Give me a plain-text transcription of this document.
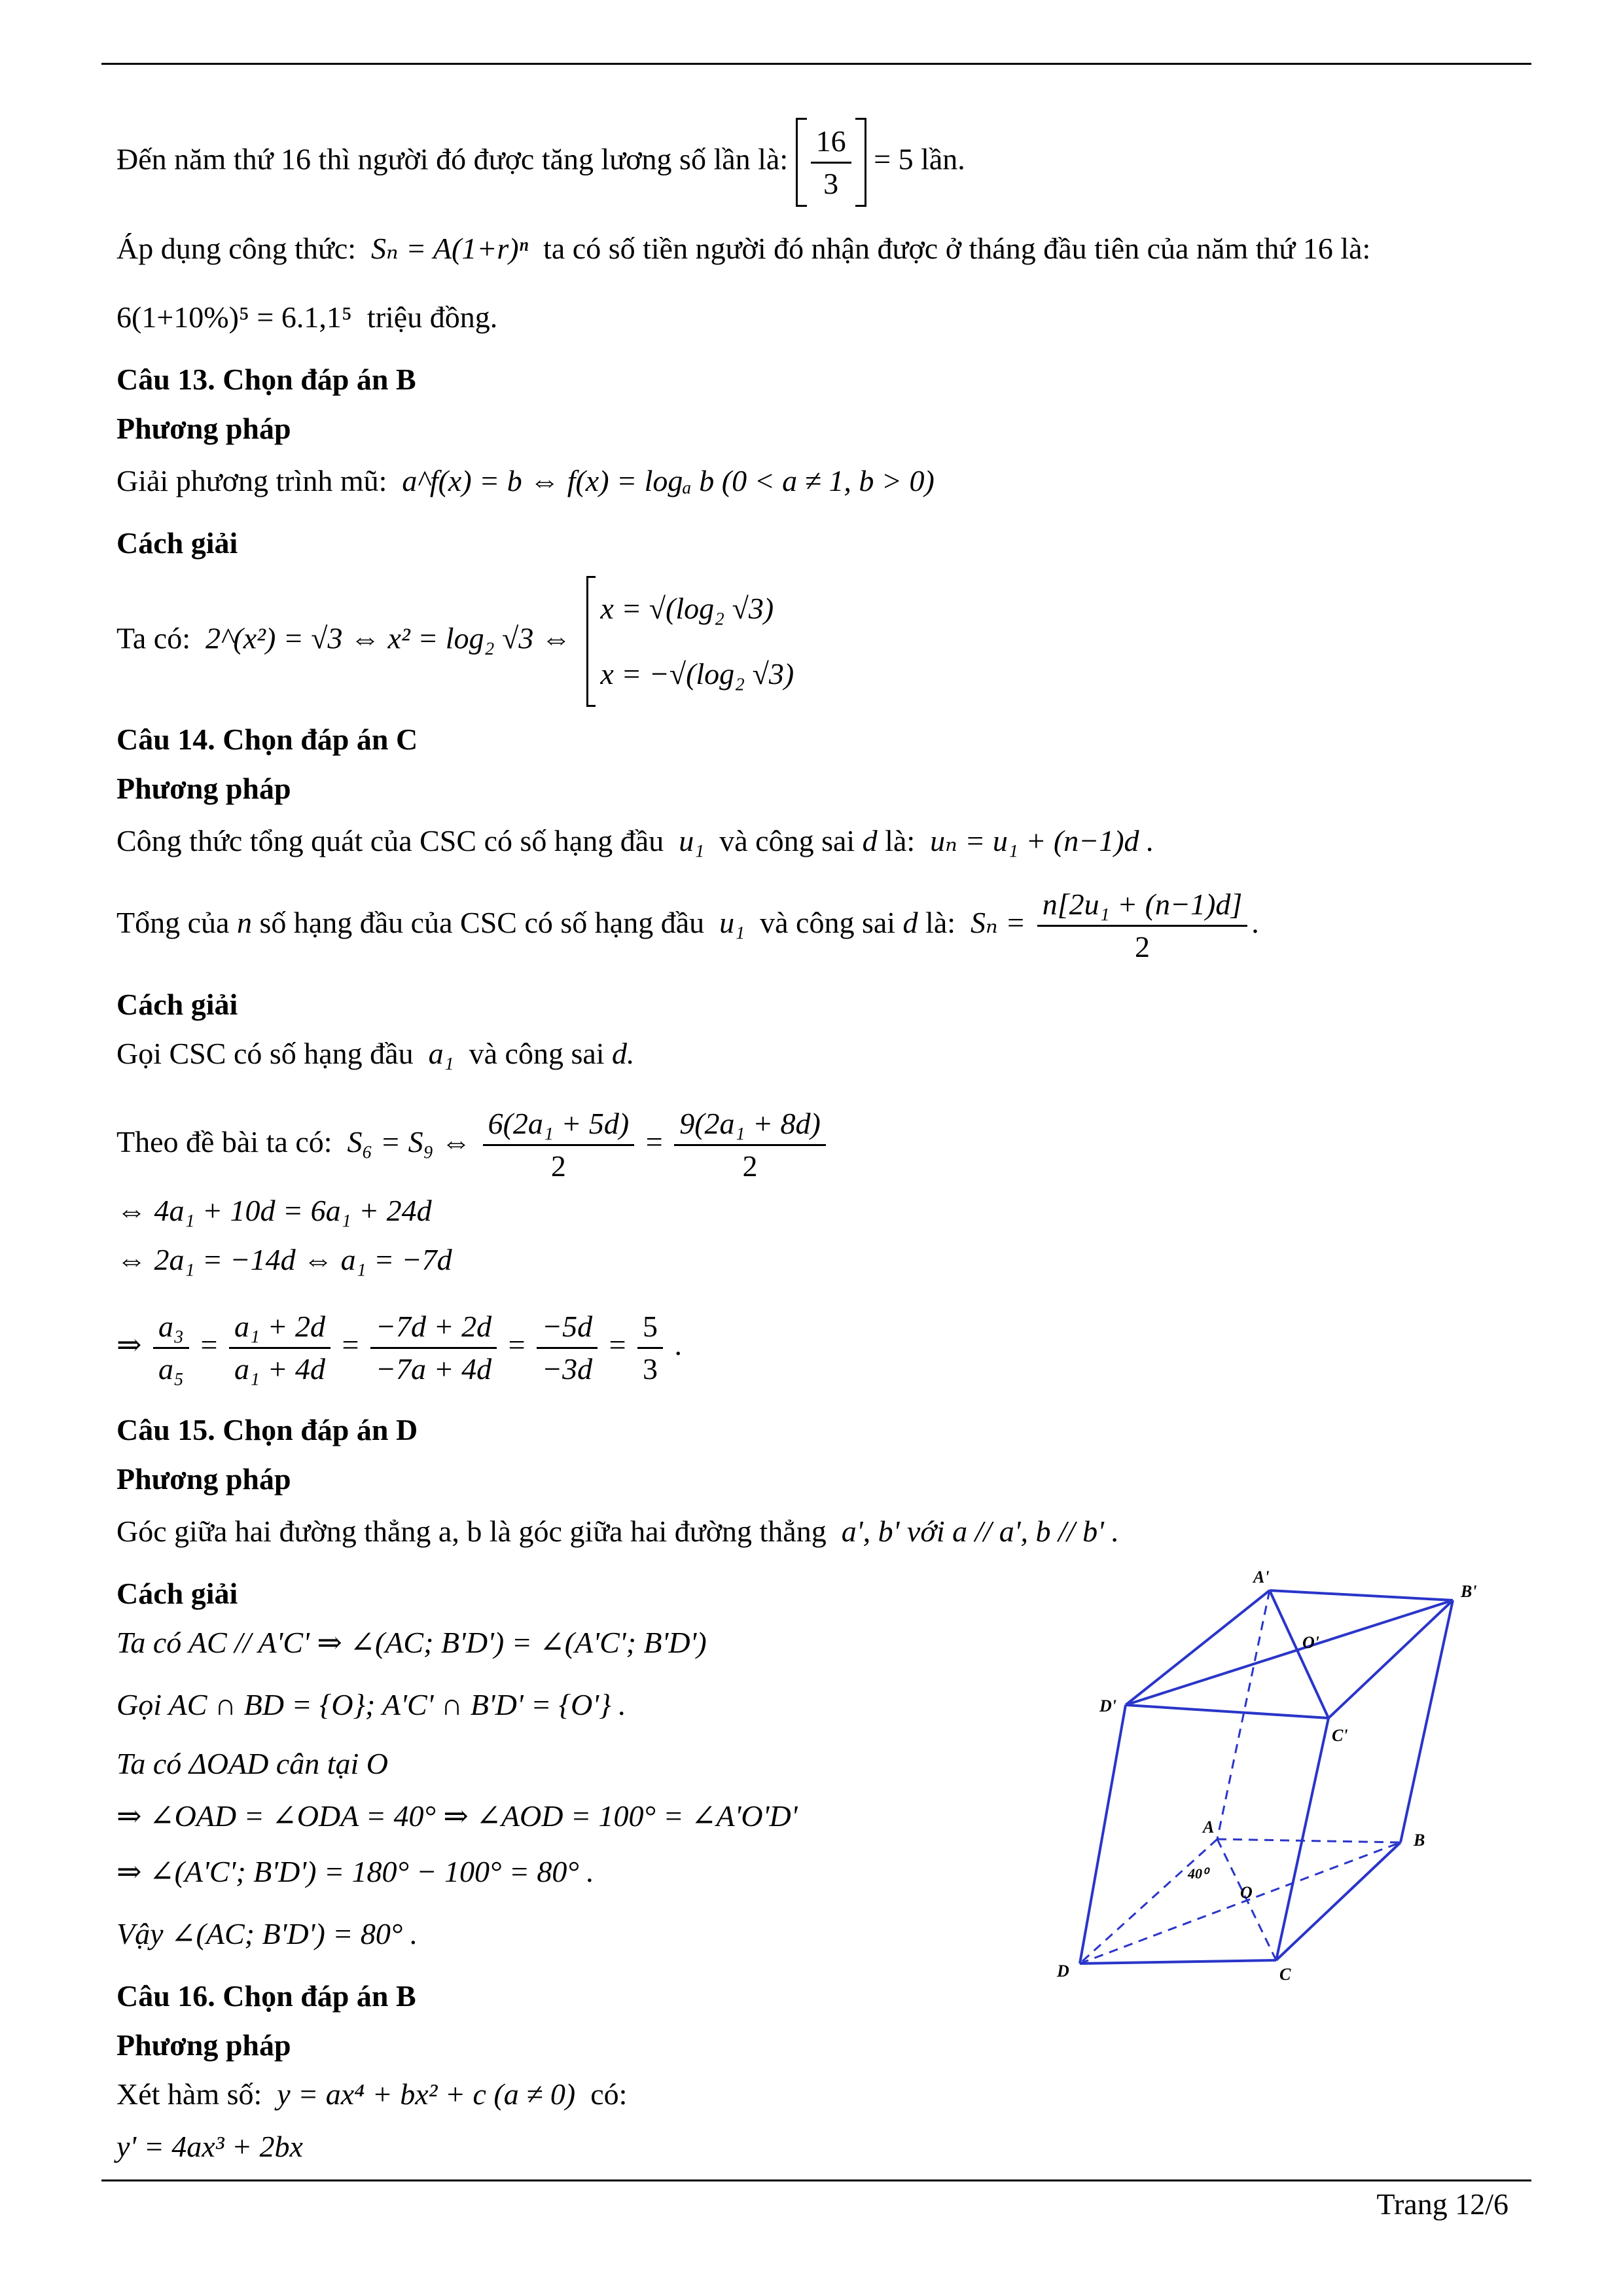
Đến năm thứ 16 thì người đó được tăng lương số lần là: $\frac{16}{3} = 5$ lần.
Áp dụng công thức: Sₙ = A(1+r)ⁿ ta có số tiền người đó nhận được ở tháng đầu tiên của năm thứ 16 là:
6(1+10%)⁵ = 6.1,1⁵ triệu đồng.
Câu 13. Chọn đáp án B
Phương pháp
Giải phương trình mũ: a^f(x) = b ⇔ f(x) = logₐ b (0 < a ≠ 1, b > 0)
Cách giải
Ta có: 2^(x²) = √3 ⇔ x² = log₂ √3 ⇔
x = √(log₂ √3)
x = −√(log₂ √3)
Câu 14. Chọn đáp án C
Phương pháp
Công thức tổng quát của CSC có số hạng đầu u₁ và công sai d là: uₙ = u₁ + (n−1)d .
Tổng của n số hạng đầu của CSC có số hạng đầu u₁ và công sai d là: $S_n = \frac{\text{n[2u₁ + (n−1)d]}}{2}$ .
Cách giải
Gọi CSC có số hạng đầu a₁ và công sai d.
Theo đề bài ta có: S₆ = S₉ ⇔ $\frac{\text{6(2a₁ + 5d)}}{2} = \frac{\text{9(2a₁ + 8d)}}{2}$
⇔ 4a₁ + 10d = 6a₁ + 24d
⇔ 2a₁ = −14d ⇔ a₁ = −7d
⇒ $\frac{\text{a₃}}{\text{a₅}} = \frac{\text{a₁ + 2d}}{\text{a₁ + 4d}} = \frac{-7d + 2d}{-7a + 4d} = \frac{-5d}{-3d} = \frac{5}{3}$ .
Câu 15. Chọn đáp án D
Phương pháp
Góc giữa hai đường thẳng a, b là góc giữa hai đường thẳng a', b' với a // a', b // b' .
Cách giải
Ta có AC // A'C' ⇒ ∠(AC; B'D') = ∠(A'C'; B'D')
Gọi AC ∩ BD = {O}; A'C' ∩ B'D' = {O'} .
Ta có ΔOAD cân tại O
⇒ ∠OAD = ∠ODA = 40° ⇒ ∠AOD = 100° = ∠A'O'D'
⇒ ∠(A'C'; B'D') = 180° − 100° = 80° .
Vậy ∠(AC; B'D') = 80° .
Câu 16. Chọn đáp án B
Phương pháp
Xét hàm số: y = ax⁴ + bx² + c (a ≠ 0) có:
y' = 4ax³ + 2bx
A'
B'
C'
D'
O'
A
B
C
D
O
40⁰
Trang 12/6
